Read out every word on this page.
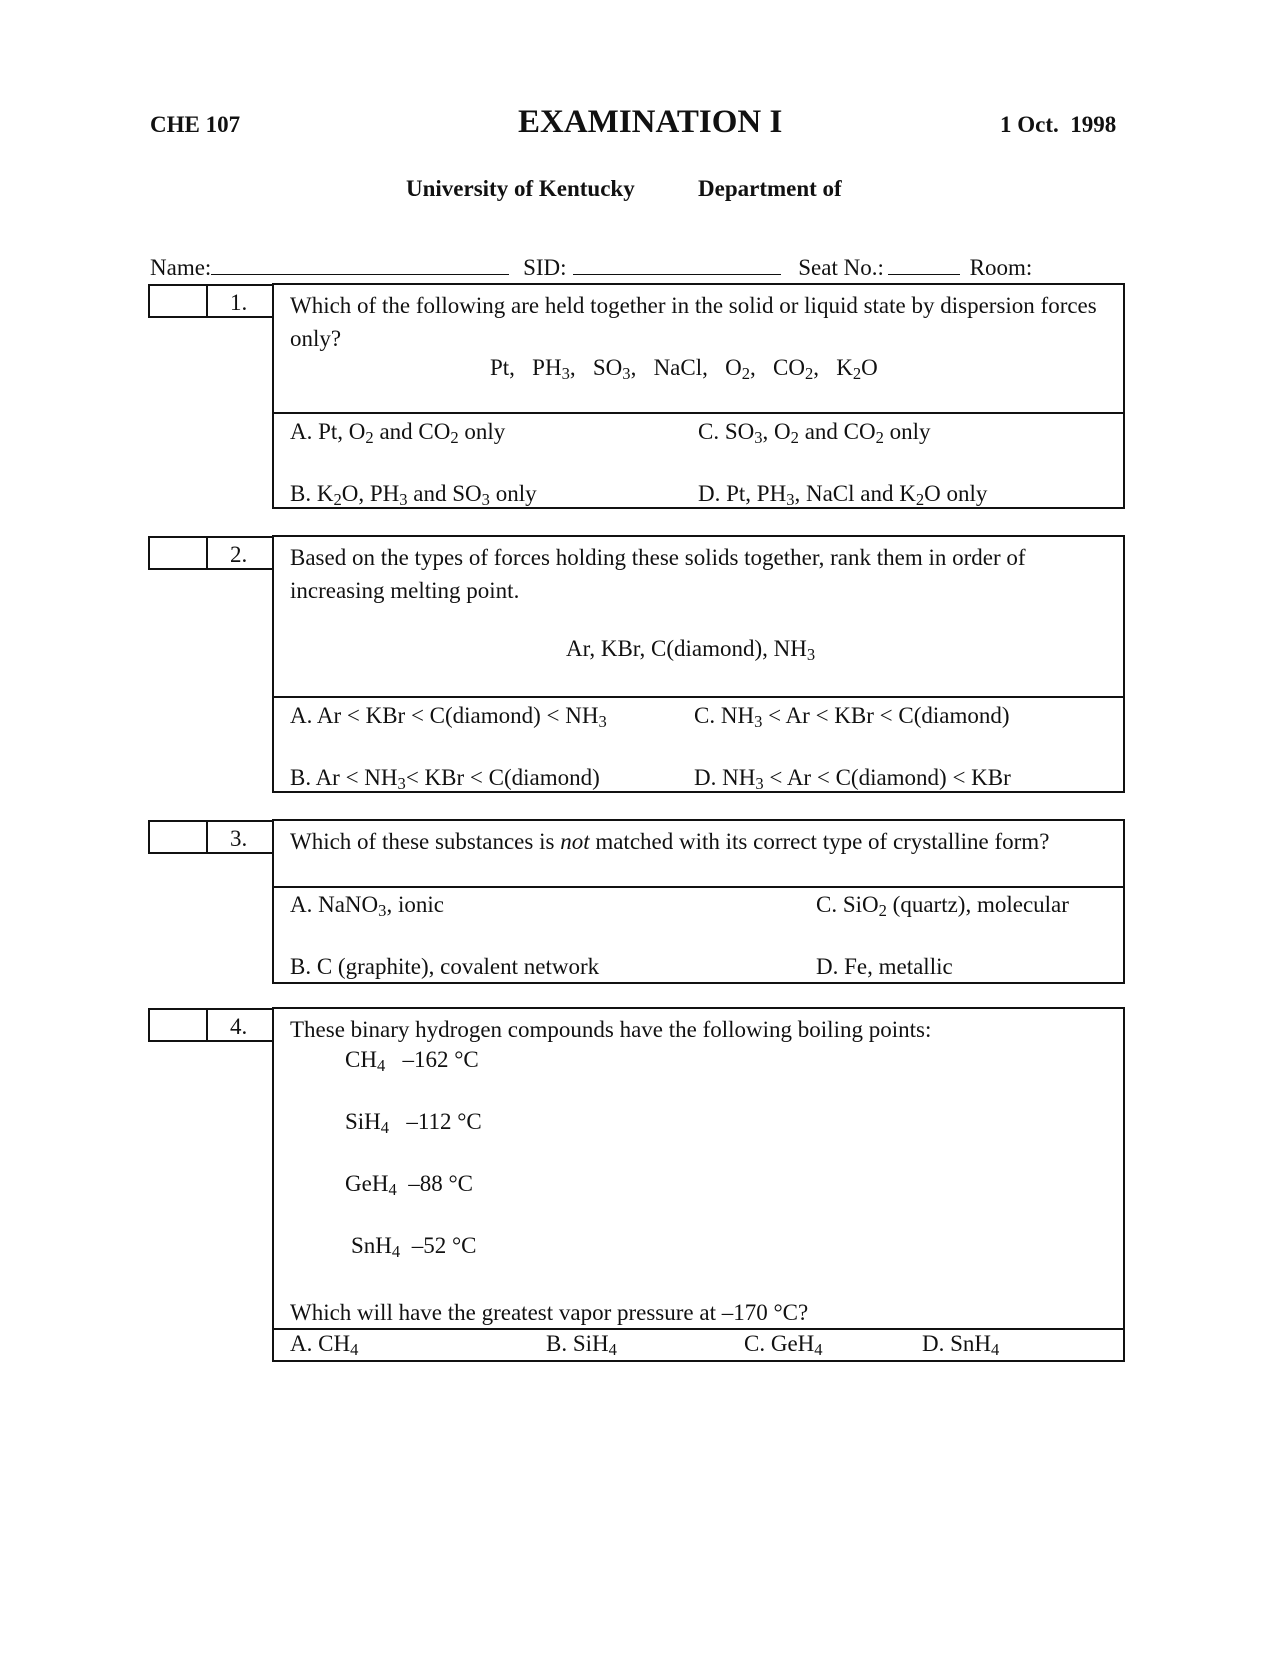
CHE 107	EXAMINATION I	1 Oct.  1998
University of Kentucky	Department of
Name:	SID:	Seat No.:	Room:
1. Which of the following are held together in the solid or liquid state by dispersion forces only?
Pt,   $PH_3$,   $SO_3$,   NaCl,   $O_2$,   $CO_2$,   $K_2O$
A. Pt, $O_2$ and $CO_2$ only	C. $SO_3$, $O_2$ and $CO_2$ only
B. $K_2O$, $PH_3$ and $SO_3$ only	D. Pt, $PH_3$, NaCl and $K_2O$ only
2. Based on the types of forces holding these solids together, rank them in order of increasing melting point.
Ar, KBr, C(diamond), $NH_3$
A. Ar < KBr < C(diamond) < $NH_3$	C. $NH_3 < Ar$ < KBr < C(diamond)
B. $Ar < NH_3<$ KBr < C(diamond)	D. $NH_3 < Ar$ < C(diamond) < KBr
3. Which of these substances is not matched with its correct type of crystalline form?
A. NaNO$_3$, ionic	C. SiO$_2$ (quartz), molecular
B. C (graphite), covalent network	D. Fe, metallic
4. These binary hydrogen compounds have the following boiling points:
$CH_4$   –162 °C
SiH$_4$   –112 °C
GeH$_4$  –88 °C
SnH$_4$  –52 °C
Which will have the greatest vapor pressure at –170 °C?
A. $CH_4$	B. SiH$_4$	C. GeH$_4$	D. SnH$_4$
